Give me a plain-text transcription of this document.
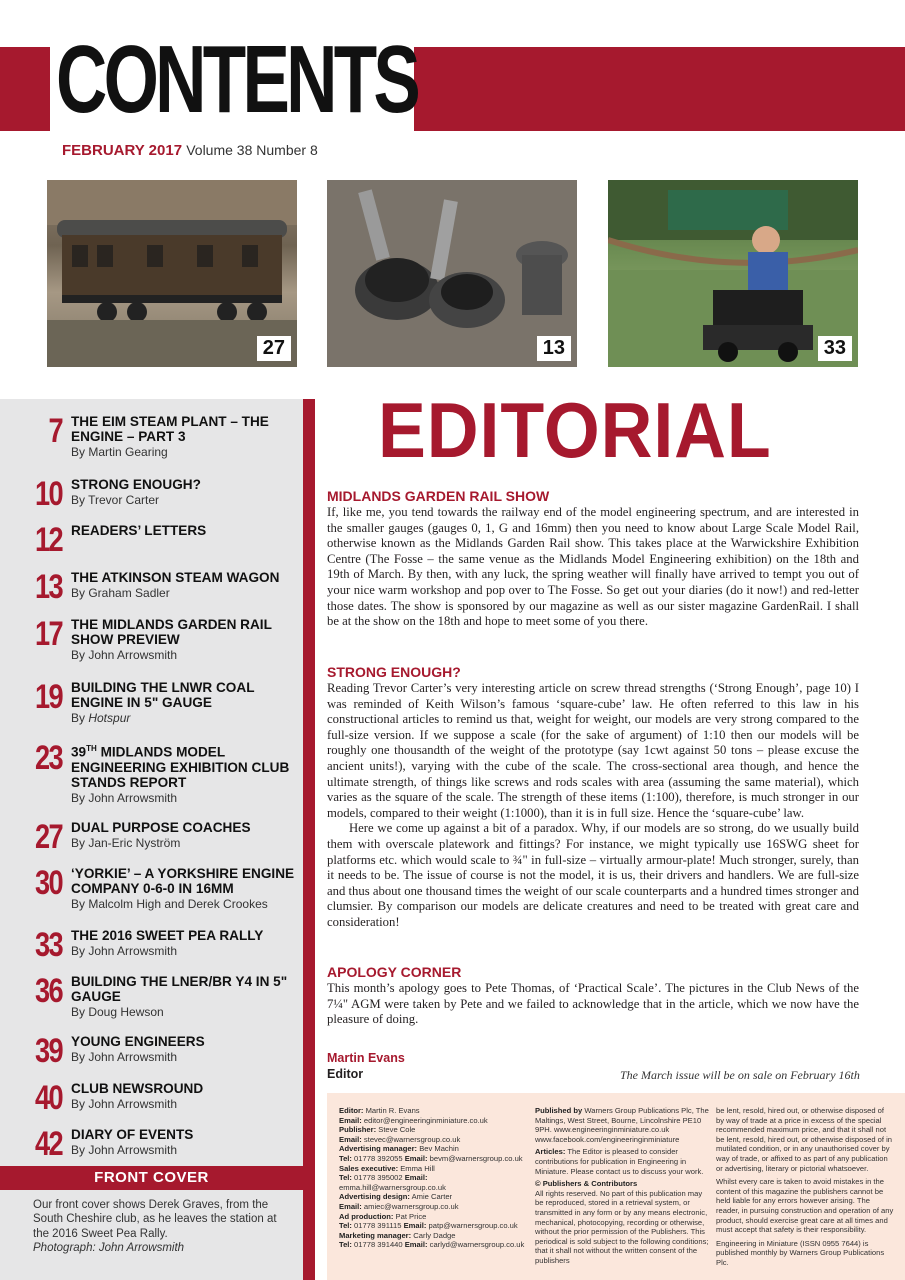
CONTENTS
FEBRUARY 2017 Volume 38 Number 8
27	13	33
7 THE EIM STEAM PLANT – THE ENGINE – PART 3
By Martin Gearing
10 STRONG ENOUGH?
By Trevor Carter
12 READERS’ LETTERS
13 THE ATKINSON STEAM WAGON
By Graham Sadler
17 THE MIDLANDS GARDEN RAIL SHOW PREVIEW
By John Arrowsmith
19 BUILDING THE LNWR COAL ENGINE IN 5" GAUGE
By Hotspur
23 39TH MIDLANDS MODEL ENGINEERING EXHIBITION CLUB STANDS REPORT
By John Arrowsmith
27 DUAL PURPOSE COACHES
By Jan-Eric Nyström
30 ‘YORKIE’ – A YORKSHIRE ENGINE COMPANY 0-6-0 IN 16MM
By Malcolm High and Derek Crookes
33 THE 2016 SWEET PEA RALLY
By John Arrowsmith
36 BUILDING THE LNER/BR Y4 IN 5" GAUGE
By Doug Hewson
39 YOUNG ENGINEERS
By John Arrowsmith
40 CLUB NEWSROUND
By John Arrowsmith
42 DIARY OF EVENTS
By John Arrowsmith
FRONT COVER
Our front cover shows Derek Graves, from the South Cheshire club, as he leaves the station at the 2016 Sweet Pea Rally.
Photograph: John Arrowsmith
EDITORIAL
MIDLANDS GARDEN RAIL SHOW

If, like me, you tend towards the railway end of the model engineering spectrum, and are interested in the smaller gauges (gauges 0, 1, G and 16mm) then you need to know about Large Scale Model Rail, otherwise known as the Midlands Garden Rail show. This takes place at the Warwickshire Exhibition Centre (The Fosse – the same venue as the Midlands Model Engineering exhibition) on the 18th and 19th of March. By then, with any luck, the spring weather will finally have arrived to tempt you out of your nice warm workshop and pop over to The Fosse. So get out your diaries (do it now!) and red-letter those dates. The show is sponsored by our magazine as well as our sister magazine GardenRail. I shall be at the show on the 18th and hope to meet some of you there.

STRONG ENOUGH?

Reading Trevor Carter’s very interesting article on screw thread strengths (‘Strong Enough’, page 10) I was reminded of Keith Wilson’s famous ‘square-cube’ law. He often referred to this law in his constructional articles to remind us that, weight for weight, our models are very strong compared to the full-size version. If we suppose a scale (for the sake of argument) of 1:10 then our models will be roughly one thousandth of the weight of the prototype (say 1cwt against 50 tons – please excuse the ancient units!), varying with the cube of the scale. The cross-sectional area though, and hence the ultimate strength, of things like screws and rods scales with area (assuming the same material), which varies as the square of the scale. The strength of these items (1:100), therefore, is much stronger in our models, compared to their weight (1:1000), than it is in full size. Hence the ‘square-cube’ law.

Here we come up against a bit of a paradox. Why, if our models are so strong, do we usually build them with overscale platework and fittings? For instance, we might typically use 16SWG sheet for platforms etc. which would scale to ¾" in full-size – virtually armour-plate! Much stronger, surely, than it needs to be. The issue of course is not the model, it is us, their drivers and handlers. We are full-size and thus about one thousand times the weight of our scale counterparts and a hundred times stronger and clumsier. By comparison our models are delicate creatures and need to be treated with great care and consideration!

APOLOGY CORNER

This month’s apology goes to Pete Thomas, of ‘Practical Scale’. The pictures in the Club News of the 7¼" AGM were taken by Pete and we failed to acknowledge that in the article, which we now have the pleasure of doing.

Martin Evans
Editor	The March issue will be on sale on February 16th
Editor: Martin R. Evans
Email: editor@engineeringinminiature.co.uk
Publisher: Steve Cole
Email: stevec@warnersgroup.co.uk
Advertising manager: Bev Machin
Tel: 01778 392055 Email: bevm@warnersgroup.co.uk
Sales executive: Emma Hill
Tel: 01778 395002 Email: emma.hill@warnersgroup.co.uk
Advertising design: Amie Carter
Email: amiec@warnersgroup.co.uk
Ad production: Pat Price
Tel: 01778 391115 Email: patp@warnersgroup.co.uk
Marketing manager: Carly Dadge
Tel: 01778 391440 Email: carlyd@warnersgroup.co.uk
Published by Warners Group Publications Plc, The Maltings, West Street, Bourne, Lincolnshire PE10 9PH. www.engineeringinminiature.co.uk www.facebook.com/engineeringinminiature
Articles: The Editor is pleased to consider contributions for publication in Engineering in Miniature. Please contact us to discuss your work.
© Publishers & Contributors
All rights reserved. No part of this publication may be reproduced, stored in a retrieval system, or transmitted in any form or by any means electronic, mechanical, photocopying, recording or otherwise, without the prior permission of the Publishers. This periodical is sold subject to the following conditions; that it shall not without the written consent of the publishers
be lent, resold, hired out, or otherwise disposed of by way of trade at a price in excess of the special recommended maximum price, and that it shall not be lent, resold, hired out, or otherwise disposed of in mutilated condition, or in any unauthorised cover by way of trade, or affixed to as part of any publication or advertising, literary or pictorial whatsoever.
Whilst every care is taken to avoid mistakes in the content of this magazine the publishers cannot be held liable for any errors however arising. The reader, in pursuing construction and operation of any product, should exercise great care at all times and must accept that safety is their responsibility.
Engineering in Miniature (ISSN 0955 7644) is published monthly by Warners Group Publications Plc.
